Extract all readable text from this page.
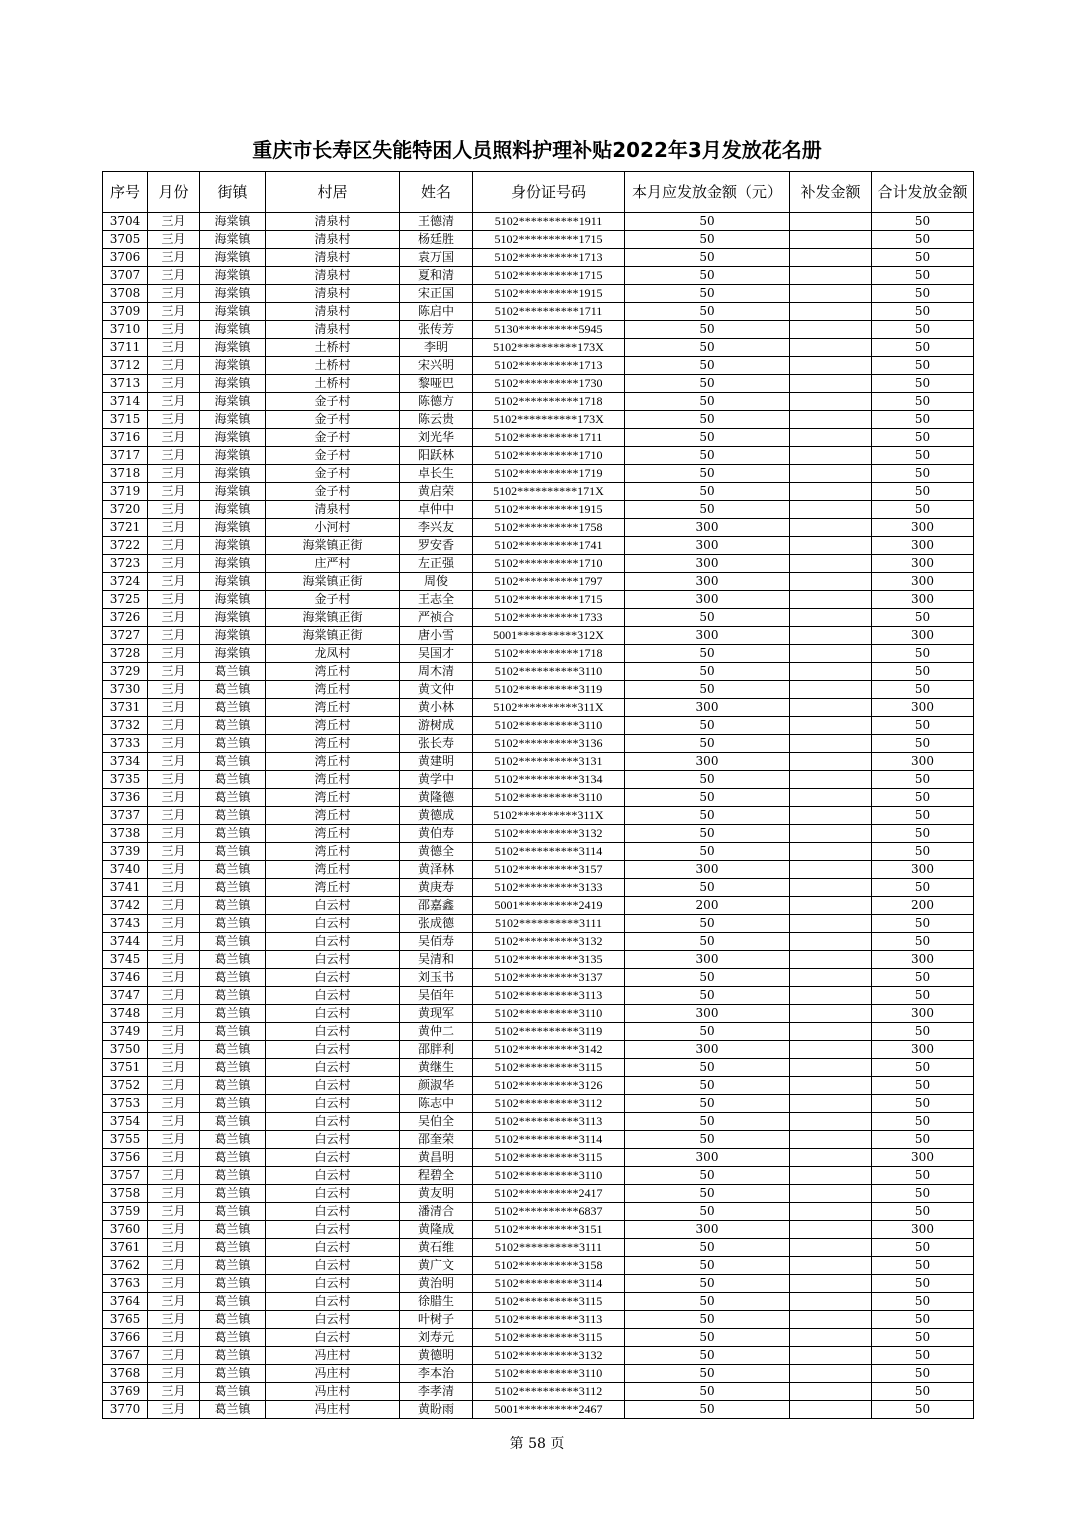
重庆市长寿区失能特困人员照料护理补贴2022年3月发放花名册
序号	月份	街镇	村居	姓名	身份证号码	本月应发放金额（元）	补发金额	合计发放金额
3704	三月	海棠镇	清泉村	王德清	5102**********1911	50		50
3705	三月	海棠镇	清泉村	杨廷胜	5102**********1715	50		50
3706	三月	海棠镇	清泉村	袁万国	5102**********1713	50		50
3707	三月	海棠镇	清泉村	夏和清	5102**********1715	50		50
3708	三月	海棠镇	清泉村	宋正国	5102**********1915	50		50
3709	三月	海棠镇	清泉村	陈启中	5102**********1711	50		50
3710	三月	海棠镇	清泉村	张传芳	5130**********5945	50		50
3711	三月	海棠镇	土桥村	李明	5102**********173X	50		50
3712	三月	海棠镇	土桥村	宋兴明	5102**********1713	50		50
3713	三月	海棠镇	土桥村	黎哑巴	5102**********1730	50		50
3714	三月	海棠镇	金子村	陈德方	5102**********1718	50		50
3715	三月	海棠镇	金子村	陈云贵	5102**********173X	50		50
3716	三月	海棠镇	金子村	刘光华	5102**********1711	50		50
3717	三月	海棠镇	金子村	阳跃林	5102**********1710	50		50
3718	三月	海棠镇	金子村	卓长生	5102**********1719	50		50
3719	三月	海棠镇	金子村	黄启荣	5102**********171X	50		50
3720	三月	海棠镇	清泉村	卓仲中	5102**********1915	50		50
3721	三月	海棠镇	小河村	李兴友	5102**********1758	300		300
3722	三月	海棠镇	海棠镇正街	罗安香	5102**********1741	300		300
3723	三月	海棠镇	庄严村	左正强	5102**********1710	300		300
3724	三月	海棠镇	海棠镇正街	周俊	5102**********1797	300		300
3725	三月	海棠镇	金子村	王志全	5102**********1715	300		300
3726	三月	海棠镇	海棠镇正街	严祯合	5102**********1733	50		50
3727	三月	海棠镇	海棠镇正街	唐小雪	5001**********312X	300		300
3728	三月	海棠镇	龙凤村	吴国才	5102**********1718	50		50
3729	三月	葛兰镇	湾丘村	周木清	5102**********3110	50		50
3730	三月	葛兰镇	湾丘村	黄文仲	5102**********3119	50		50
3731	三月	葛兰镇	湾丘村	黄小林	5102**********311X	300		300
3732	三月	葛兰镇	湾丘村	游树成	5102**********3110	50		50
3733	三月	葛兰镇	湾丘村	张长寿	5102**********3136	50		50
3734	三月	葛兰镇	湾丘村	黄建明	5102**********3131	300		300
3735	三月	葛兰镇	湾丘村	黄学中	5102**********3134	50		50
3736	三月	葛兰镇	湾丘村	黄隆德	5102**********3110	50		50
3737	三月	葛兰镇	湾丘村	黄德成	5102**********311X	50		50
3738	三月	葛兰镇	湾丘村	黄伯寿	5102**********3132	50		50
3739	三月	葛兰镇	湾丘村	黄德全	5102**********3114	50		50
3740	三月	葛兰镇	湾丘村	黄泽林	5102**********3157	300		300
3741	三月	葛兰镇	湾丘村	黄庚寿	5102**********3133	50		50
3742	三月	葛兰镇	白云村	邵嘉鑫	5001**********2419	200		200
3743	三月	葛兰镇	白云村	张成德	5102**********3111	50		50
3744	三月	葛兰镇	白云村	吴佰寿	5102**********3132	50		50
3745	三月	葛兰镇	白云村	吴清和	5102**********3135	300		300
3746	三月	葛兰镇	白云村	刘玉书	5102**********3137	50		50
3747	三月	葛兰镇	白云村	吴佰年	5102**********3113	50		50
3748	三月	葛兰镇	白云村	黄现军	5102**********3110	300		300
3749	三月	葛兰镇	白云村	黄仲二	5102**********3119	50		50
3750	三月	葛兰镇	白云村	邵胖利	5102**********3142	300		300
3751	三月	葛兰镇	白云村	黄继生	5102**********3115	50		50
3752	三月	葛兰镇	白云村	颜淑华	5102**********3126	50		50
3753	三月	葛兰镇	白云村	陈志中	5102**********3112	50		50
3754	三月	葛兰镇	白云村	吴伯全	5102**********3113	50		50
3755	三月	葛兰镇	白云村	邵奎荣	5102**********3114	50		50
3756	三月	葛兰镇	白云村	黄昌明	5102**********3115	300		300
3757	三月	葛兰镇	白云村	程碧全	5102**********3110	50		50
3758	三月	葛兰镇	白云村	黄友明	5102**********2417	50		50
3759	三月	葛兰镇	白云村	潘清合	5102**********6837	50		50
3760	三月	葛兰镇	白云村	黄隆成	5102**********3151	300		300
3761	三月	葛兰镇	白云村	黄石维	5102**********3111	50		50
3762	三月	葛兰镇	白云村	黄广文	5102**********3158	50		50
3763	三月	葛兰镇	白云村	黄治明	5102**********3114	50		50
3764	三月	葛兰镇	白云村	徐腊生	5102**********3115	50		50
3765	三月	葛兰镇	白云村	叶树子	5102**********3113	50		50
3766	三月	葛兰镇	白云村	刘寿元	5102**********3115	50		50
3767	三月	葛兰镇	冯庄村	黄德明	5102**********3132	50		50
3768	三月	葛兰镇	冯庄村	李本治	5102**********3110	50		50
3769	三月	葛兰镇	冯庄村	李孝清	5102**********3112	50		50
3770	三月	葛兰镇	冯庄村	黄盼雨	5001**********2467	50		50
第 58 页
